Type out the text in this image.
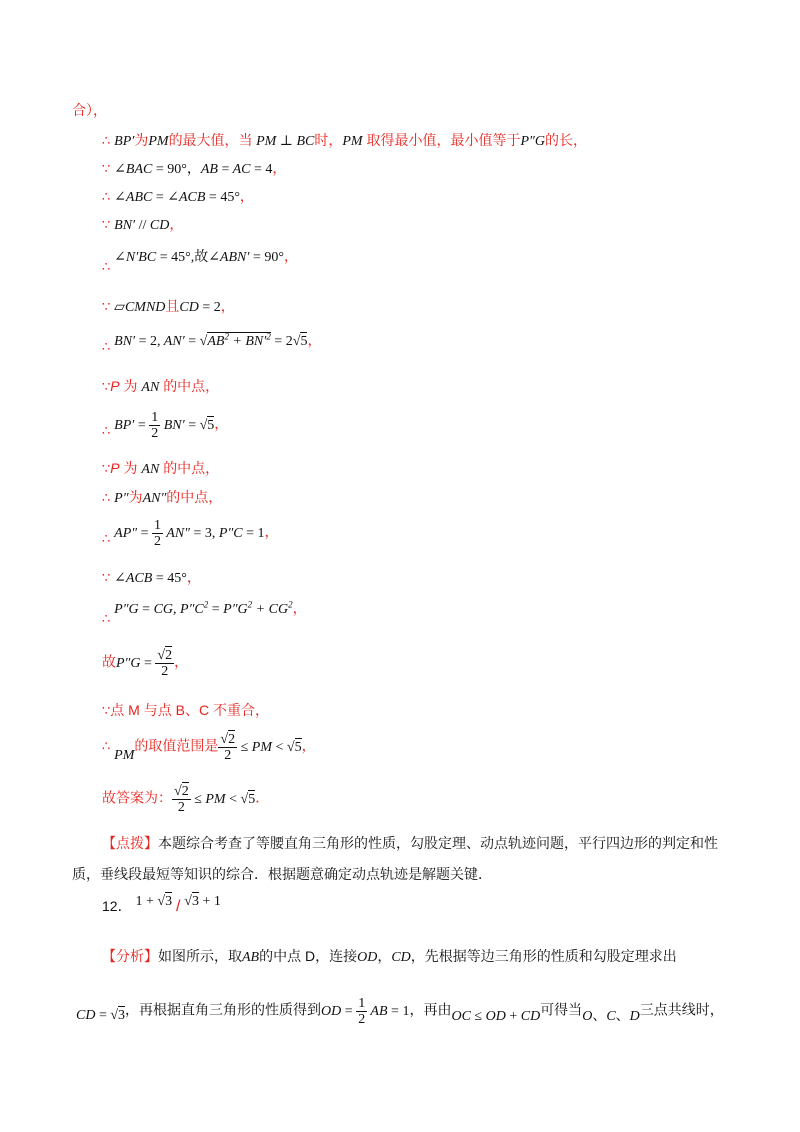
合），
∴ BP′为PM的最大值，当 PM ⊥ BC时，PM 取得最小值，最小值等于P″G的长，
∵ ∠BAC = 90°，AB = AC = 4，
∴ ∠ABC = ∠ACB = 45°，
∵ BN′ // CD，
∴ ∠N′BC = 45°,故∠ABN′ = 90°，
∵ ▱CMND且CD = 2，
∴ BN′ = 2, $AN' = √AB^2 + BN'^2 = 2√5$，
∵P 为 AN 的中点，
∴ $BP' = \frac{1}{2} BN' = √5$，
∵P 为 AN 的中点，
∴ P″为AN″的中点，
∴ $AP'' = \frac{1}{2} AN'' = 3$, P″C = 1，
∵ ∠ACB = 45°，
∴ P″G = CG, $P''C^2 = P''G^2 + CG^2$，
故$P''G = \frac{√2}{2}$ ，
∵点 M 与点 B、C 不重合，
∴ PM的取值范围是 $\frac{√2}{2}$ ≤ PM < √5，
故答案为： $\frac{√2}{2}$ ≤ PM < √5．
【点拨】本题综合考查了等腰直角三角形的性质，勾股定理、动点轨迹问题，平行四边形的判定和性
质，垂线段最短等知识的综合．根据题意确定动点轨迹是解题关键．
12． 1 + √3 / √3 + 1
【分析】如图所示，取AB的中点 D，连接OD，CD，先根据等边三角形的性质和勾股定理求出
CD = √3，再根据直角三角形的性质得到OD = $\frac{1}{2}$ AB = 1，再由OC ≤ OD + CD可得当O、C、D三点共线时，
